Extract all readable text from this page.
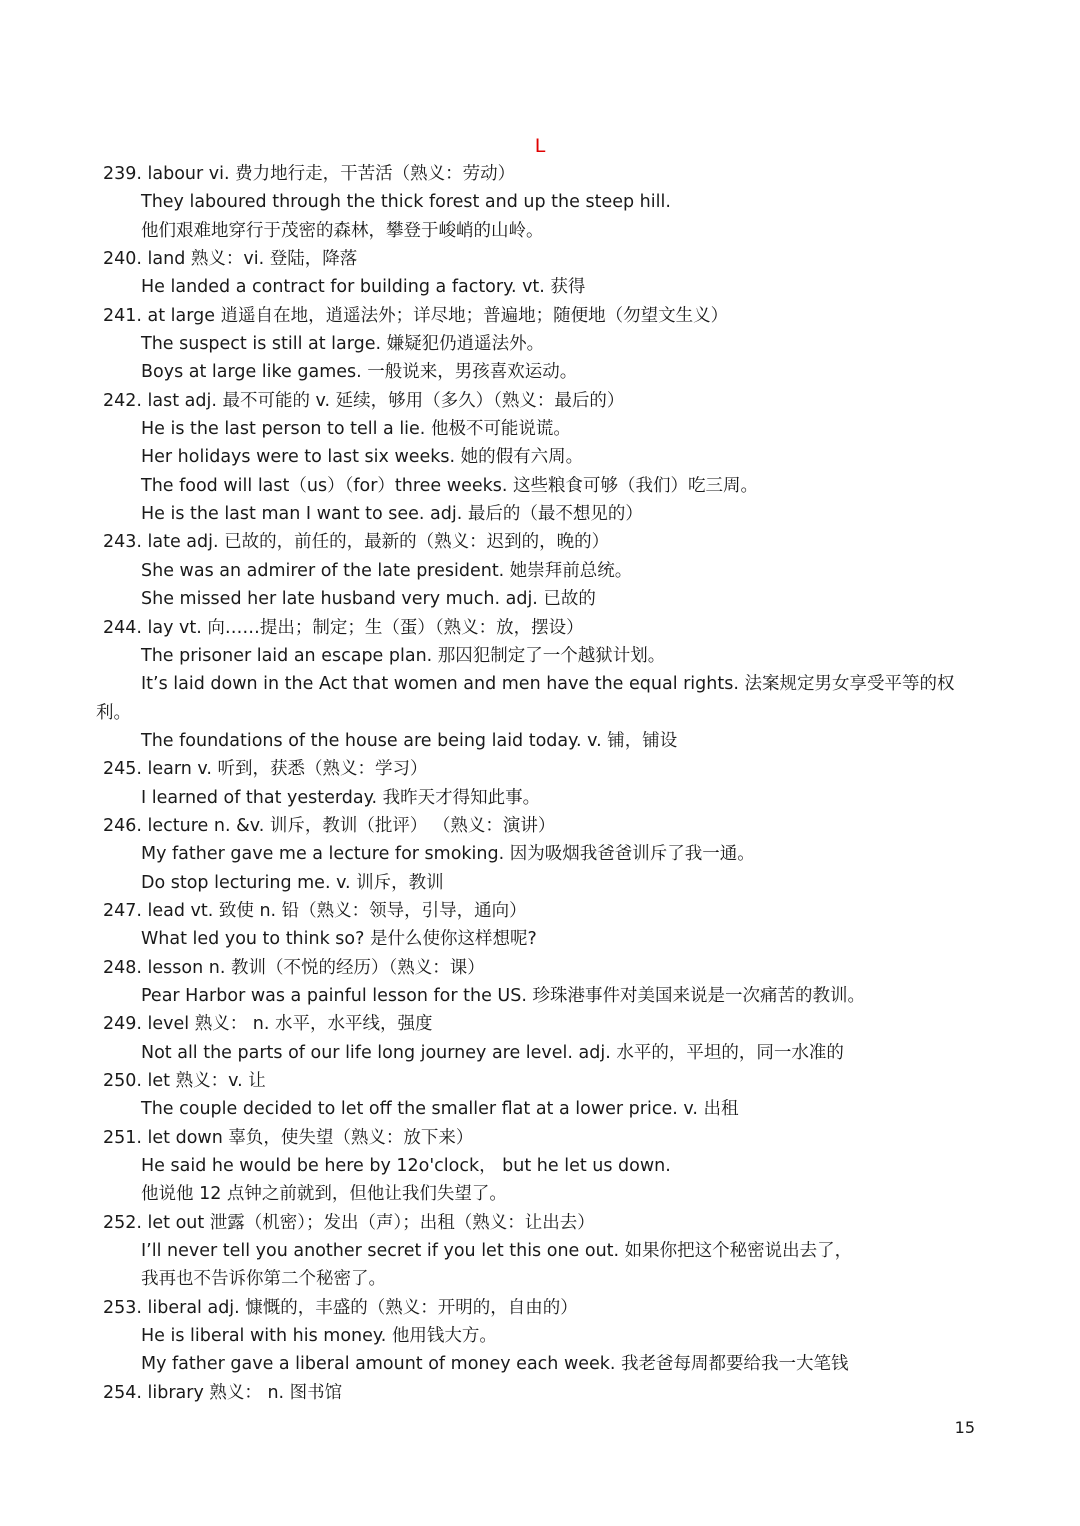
L
239. labour vi. 费力地行走，干苦活（熟义：劳动）
They laboured through the thick forest and up the steep hill.
他们艰难地穿行于茂密的森林，攀登于峻峭的山岭。
240. land 熟义：vi. 登陆，降落
He landed a contract for building a factory. vt. 获得
241. at large 逍遥自在地，逍遥法外；详尽地；普遍地；随便地（勿望文生义）
The suspect is still at large. 嫌疑犯仍逍遥法外。
Boys at large like games. 一般说来，男孩喜欢运动。
242. last adj. 最不可能的 v. 延续，够用（多久）（熟义：最后的）
He is the last person to tell a lie. 他极不可能说谎。
Her holidays were to last six weeks. 她的假有六周。
The food will last（us）（for）three weeks. 这些粮食可够（我们）吃三周。
He is the last man I want to see. adj. 最后的（最不想见的）
243. late adj. 已故的，前任的，最新的（熟义：迟到的，晚的）
She was an admirer of the late president. 她崇拜前总统。
She missed her late husband very much. adj. 已故的
244. lay vt. 向……提出；制定；生（蛋）（熟义：放，摆设）
The prisoner laid an escape plan. 那囚犯制定了一个越狱计划。
It’s laid down in the Act that women and men have the equal rights. 法案规定男女享受平等的权
利。
The foundations of the house are being laid today. v. 铺，铺设
245. learn v. 听到，获悉（熟义：学习）
I learned of that yesterday. 我昨天才得知此事。
246. lecture n. &v. 训斥，教训（批评） （熟义：演讲）
My father gave me a lecture for smoking. 因为吸烟我爸爸训斥了我一通。
Do stop lecturing me. v. 训斥，教训
247. lead vt. 致使 n. 铅（熟义：领导，引导，通向）
What led you to think so? 是什么使你这样想呢?
248. lesson n. 教训（不悦的经历）（熟义：课）
Pear Harbor was a painful lesson for the US. 珍珠港事件对美国来说是一次痛苦的教训。
249. level 熟义： n. 水平，水平线，强度
Not all the parts of our life long journey are level. adj. 水平的，平坦的，同一水准的
250. let 熟义：v. 让
The couple decided to let off the smaller flat at a lower price. v. 出租
251. let down 辜负，使失望（熟义：放下来）
He said he would be here by 12o'clock， but he let us down.
他说他 12 点钟之前就到，但他让我们失望了。
252. let out 泄露（机密）；发出（声）；出租（熟义：让出去）
I’ll never tell you another secret if you let this one out. 如果你把这个秘密说出去了，
我再也不告诉你第二个秘密了。
253. liberal adj. 慷慨的，丰盛的（熟义：开明的，自由的）
He is liberal with his money. 他用钱大方。
My father gave a liberal amount of money each week. 我老爸每周都要给我一大笔钱
254. library 熟义： n. 图书馆
15
